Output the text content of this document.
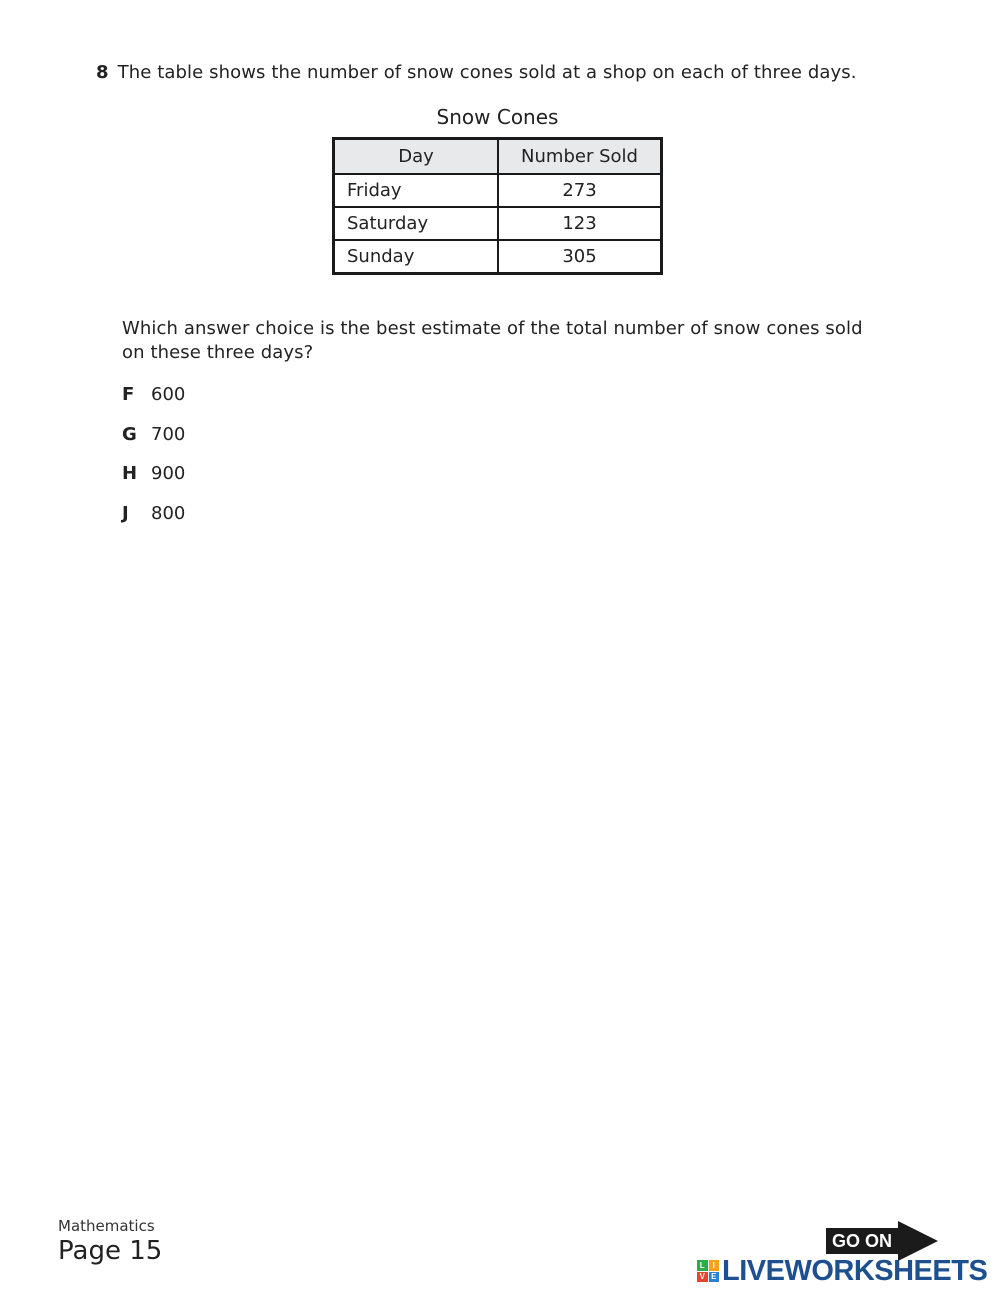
8 The table shows the number of snow cones sold at a shop on each of three days.
Snow Cones
Day	Number Sold
Friday	273
Saturday	123
Sunday	305
Which answer choice is the best estimate of the total number of snow cones sold
on these three days?
F 600
G 700
H 900
J 800
Mathematics
Page 15	GO ON
L I
V E LIVEWORKSHEETS
